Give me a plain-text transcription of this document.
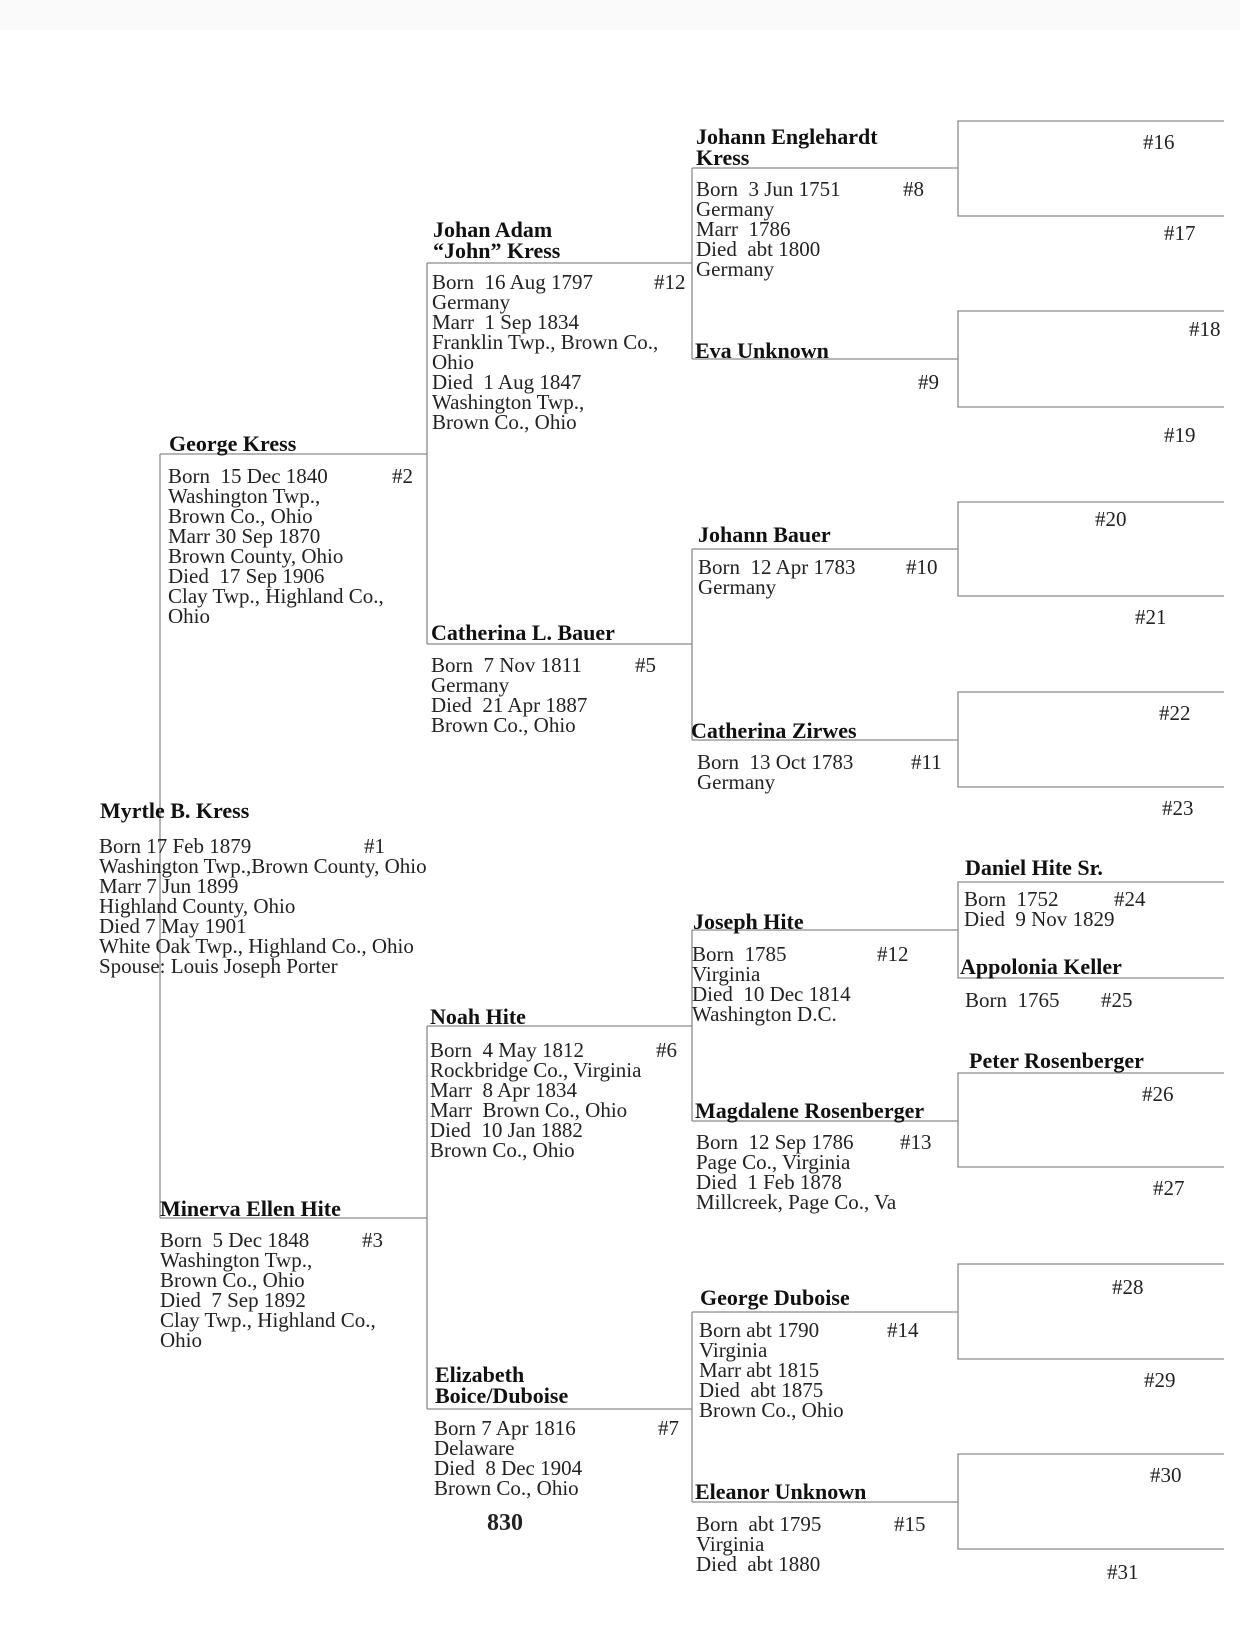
Myrtle B. Kress
Born 17 Feb 1879
Washington Twp.,Brown County, Ohio
Marr 7 Jun 1899
Highland County, Ohio
Died 7 May 1901
White Oak Twp., Highland Co., Ohio
Spouse: Louis Joseph Porter
#1
George Kress
Born  15 Dec 1840
Washington Twp.,
Brown Co., Ohio
Marr 30 Sep 1870
Brown County, Ohio
Died  17 Sep 1906
Clay Twp., Highland Co.,
Ohio
#2
Minerva Ellen Hite
Born  5 Dec 1848
Washington Twp.,
Brown Co., Ohio
Died  7 Sep 1892
Clay Twp., Highland Co.,
Ohio
#3
Johan Adam
“John” Kress
Born  16 Aug 1797
Germany
Marr  1 Sep 1834
Franklin Twp., Brown Co.,
Ohio
Died  1 Aug 1847
Washington Twp.,
Brown Co., Ohio
#12
Catherina L. Bauer
Born  7 Nov 1811
Germany
Died  21 Apr 1887
Brown Co., Ohio
#5
Noah Hite
Born  4 May 1812
Rockbridge Co., Virginia
Marr  8 Apr 1834
Marr  Brown Co., Ohio
Died  10 Jan 1882
Brown Co., Ohio
#6
Elizabeth
Boice/Duboise
Born 7 Apr 1816
Delaware
Died  8 Dec 1904
Brown Co., Ohio
#7
830
Johann Englehardt
Kress
Born  3 Jun 1751
Germany
Marr  1786
Died  abt 1800
Germany
#8
Eva Unknown
#9
Johann Bauer
Born  12 Apr 1783
Germany
#10
Catherina Zirwes
Born  13 Oct 1783
Germany
#11
Joseph Hite
Born  1785
Virginia
Died  10 Dec 1814
Washington D.C.
#12
Magdalene Rosenberger
Born  12 Sep 1786
Page Co., Virginia
Died  1 Feb 1878
Millcreek, Page Co., Va
#13
George Duboise
Born abt 1790
Virginia
Marr abt 1815
Died  abt 1875
Brown Co., Ohio
#14
Eleanor Unknown
Born  abt 1795
Virginia
Died  abt 1880
#15
#16
#17
#18
#19
#20
#21
#22
#23
Daniel Hite Sr.
Born  1752
Died  9 Nov 1829
#24
Appolonia Keller
Born  1765 #25
Peter Rosenberger
#26
#27
#28
#29
#30
#31
